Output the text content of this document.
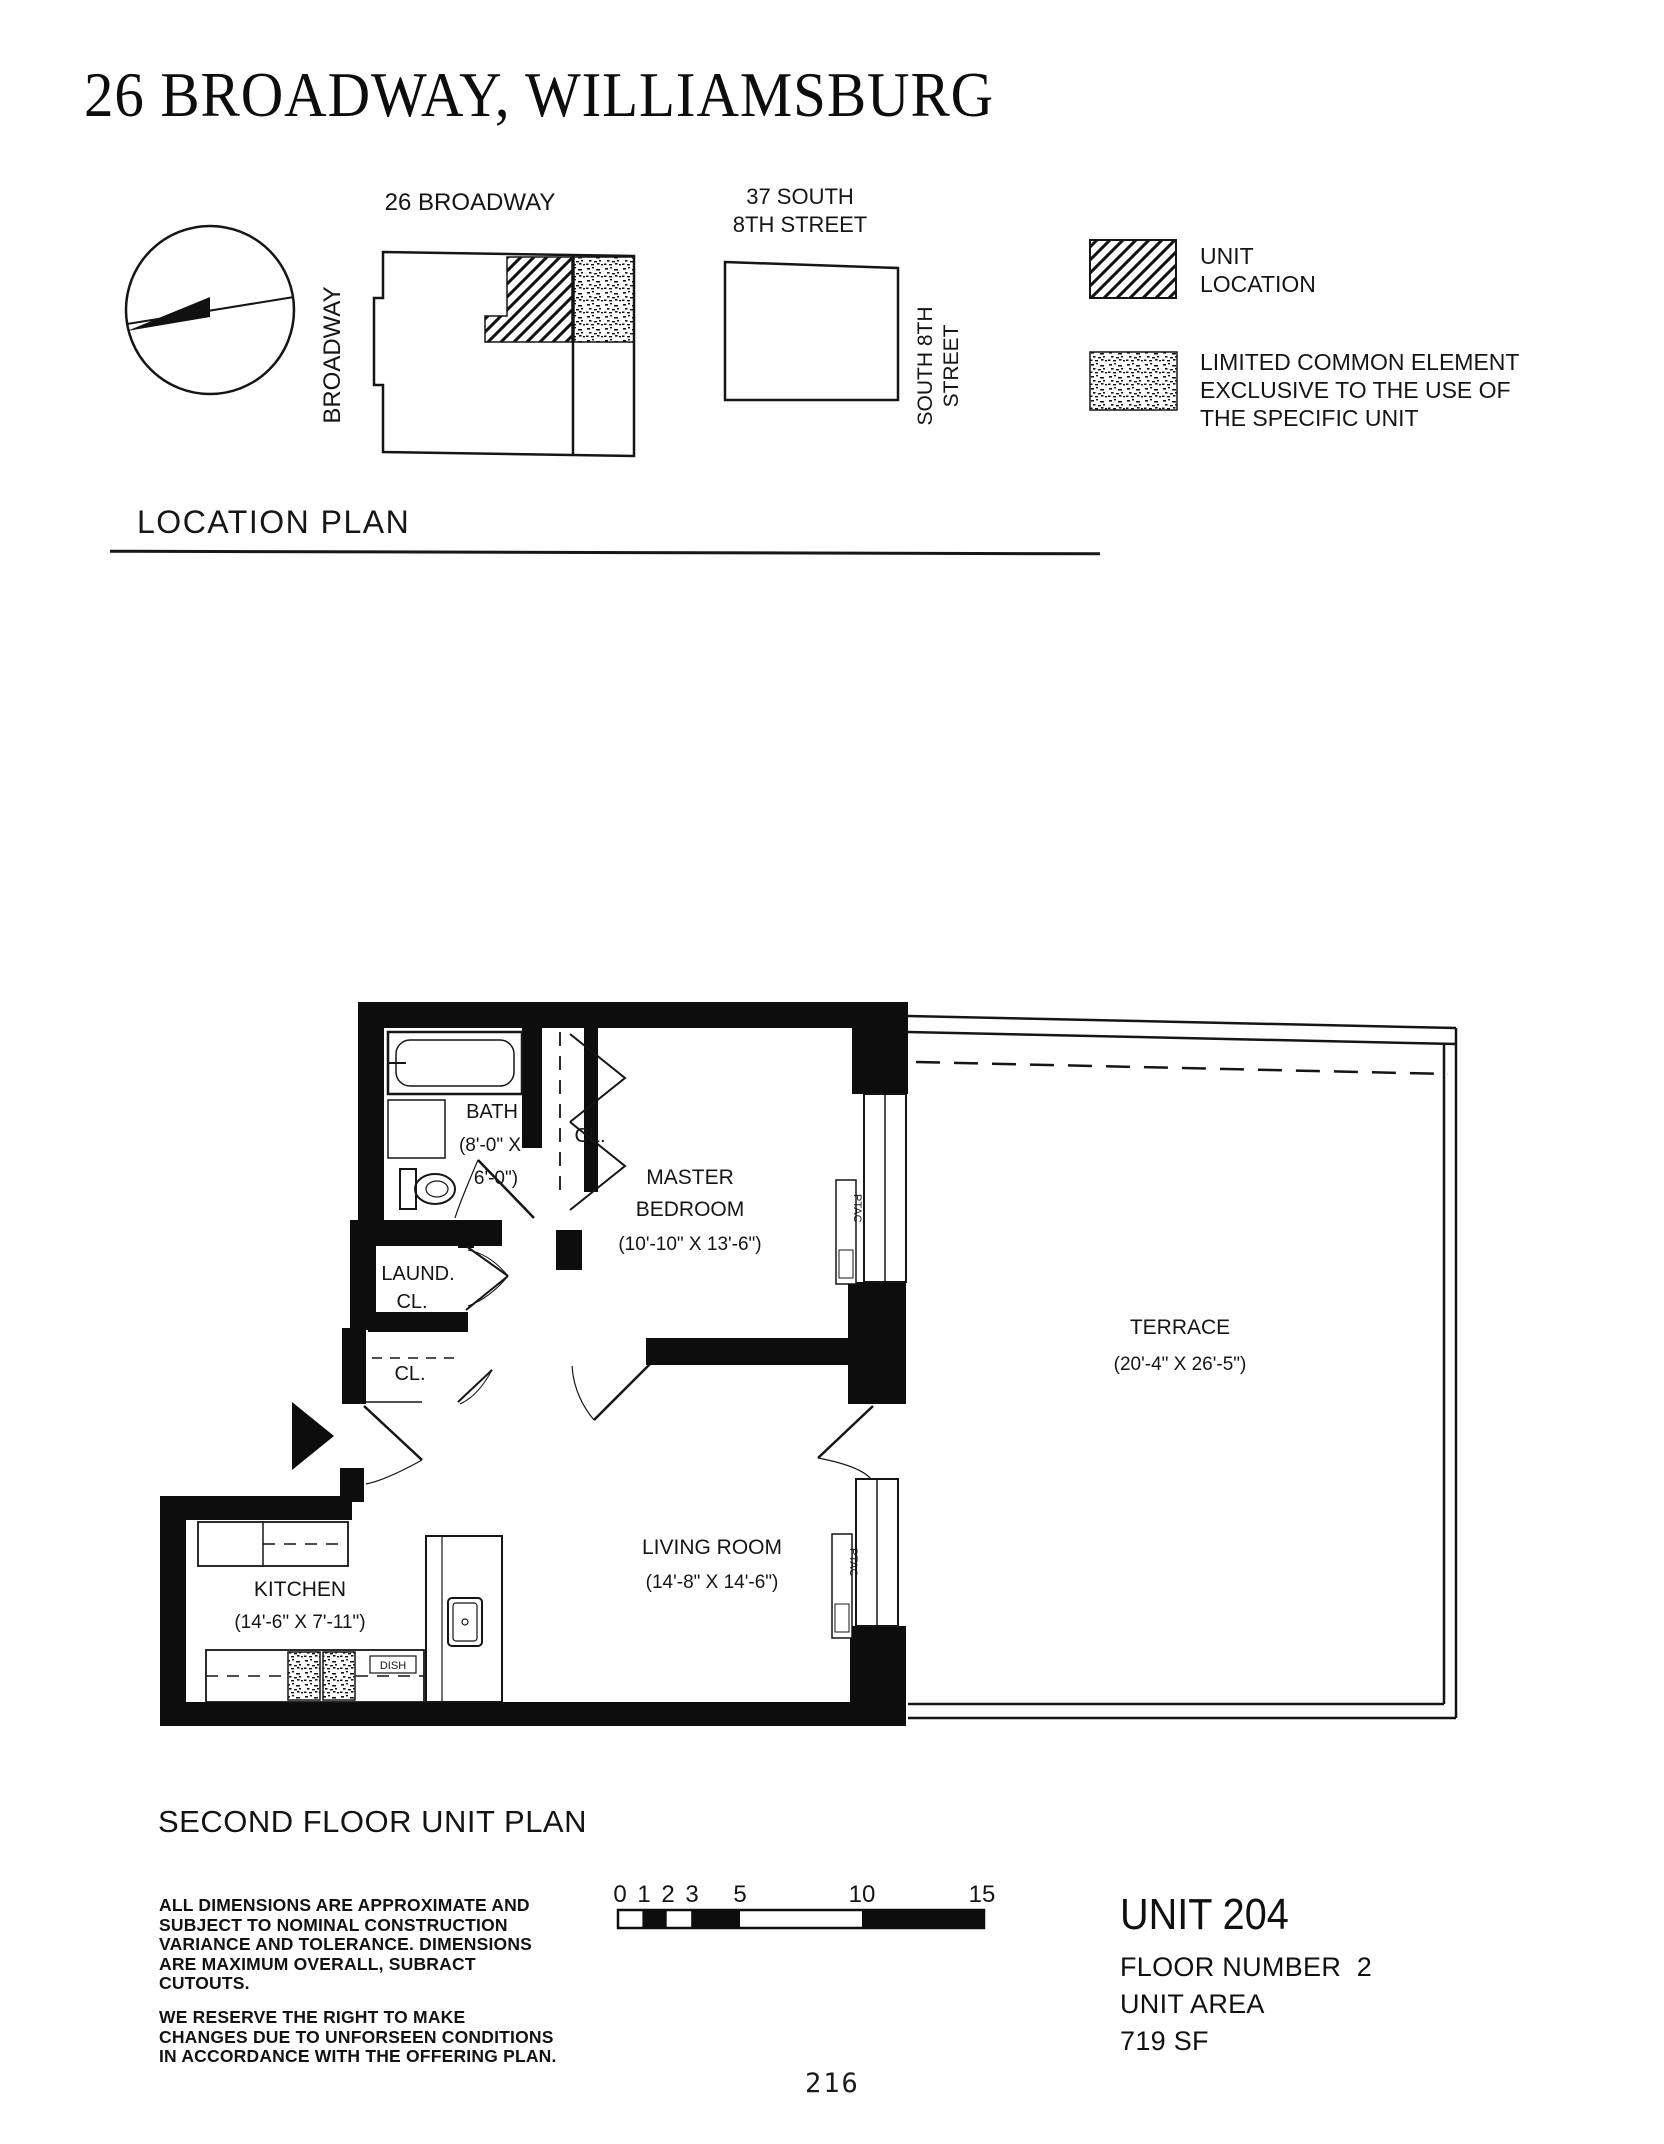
26 BROADWAY, WILLIAMSBURG
26 BROADWAY
BROADWAY
37 SOUTH
8TH STREET
SOUTH 8TH STREET
UNIT
LOCATION
LIMITED COMMON ELEMENT
EXCLUSIVE TO THE USE OF
THE SPECIFIC UNIT
LOCATION PLAN
PTAC
PTAC
DISH
BATH
(8'-0" X
6'-0")
CL.
MASTER
BEDROOM
(10'-10" X 13'-6")
LAUND.
CL.
CL.
KITCHEN
(14'-6" X 7'-11")
LIVING ROOM
(14'-8" X 14'-6")
TERRACE
(20'-4" X 26'-5")
SECOND FLOOR UNIT PLAN
ALL DIMENSIONS ARE APPROXIMATE AND
SUBJECT TO NOMINAL CONSTRUCTION
VARIANCE AND TOLERANCE. DIMENSIONS
ARE MAXIMUM OVERALL, SUBRACT
CUTOUTS.
WE RESERVE THE RIGHT TO MAKE
CHANGES DUE TO UNFORSEEN CONDITIONS
IN ACCORDANCE WITH THE OFFERING PLAN.
0 1 2 3 5	10	15	UNIT 204
FLOOR NUMBER  2
UNIT AREA
719 SF
216
